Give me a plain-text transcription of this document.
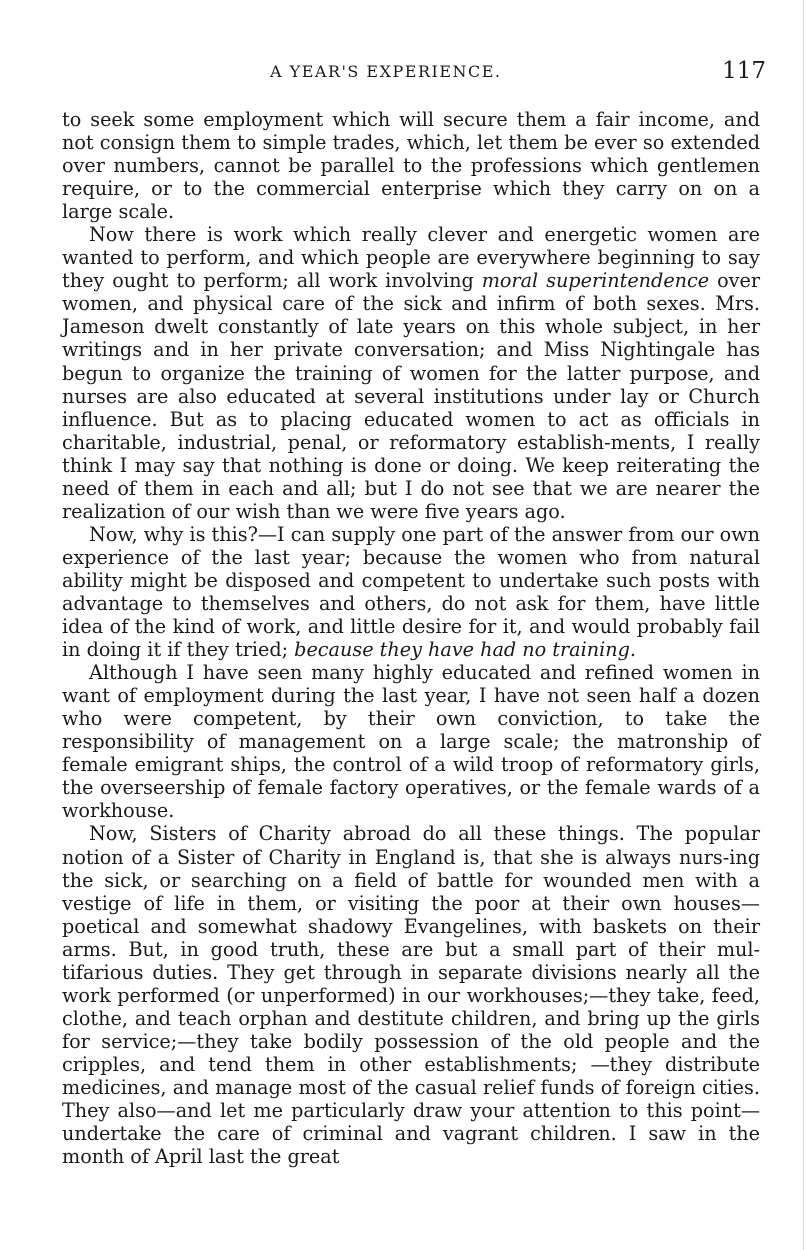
A YEAR'S EXPERIENCE.	117

to seek some employment which will secure them a fair income, and not consign them to simple trades, which, let them be ever so extended over numbers, cannot be parallel to the professions which gentlemen require, or to the commercial enterprise which they carry on on a large scale.

Now there is work which really clever and energetic women are wanted to perform, and which people are everywhere beginning to say they ought to perform; all work involving moral superintendence over women, and physical care of the sick and infirm of both sexes. Mrs. Jameson dwelt constantly of late years on this whole subject, in her writings and in her private conversation; and Miss Nightingale has begun to organize the training of women for the latter purpose, and nurses are also educated at several institutions under lay or Church influence. But as to placing educated women to act as officials in charitable, industrial, penal, or reformatory establish-ments, I really think I may say that nothing is done or doing. We keep reiterating the need of them in each and all; but I do not see that we are nearer the realization of our wish than we were five years ago.

Now, why is this?—I can supply one part of the answer from our own experience of the last year; because the women who from natural ability might be disposed and competent to undertake such posts with advantage to themselves and others, do not ask for them, have little idea of the kind of work, and little desire for it, and would probably fail in doing it if they tried; because they have had no training.

Although I have seen many highly educated and refined women in want of employment during the last year, I have not seen half a dozen who were competent, by their own conviction, to take the responsibility of management on a large scale; the matronship of female emigrant ships, the control of a wild troop of reformatory girls, the overseership of female factory operatives, or the female wards of a workhouse.

Now, Sisters of Charity abroad do all these things. The popular notion of a Sister of Charity in England is, that she is always nurs-ing the sick, or searching on a field of battle for wounded men with a vestige of life in them, or visiting the poor at their own houses— poetical and somewhat shadowy Evangelines, with baskets on their arms. But, in good truth, these are but a small part of their mul-tifarious duties. They get through in separate divisions nearly all the work performed (or unperformed) in our workhouses;—they take, feed, clothe, and teach orphan and destitute children, and bring up the girls for service;—they take bodily possession of the old people and the cripples, and tend them in other establishments; —they distribute medicines, and manage most of the casual relief funds of foreign cities. They also—and let me particularly draw your attention to this point—undertake the care of criminal and vagrant children. I saw in the month of April last the great
